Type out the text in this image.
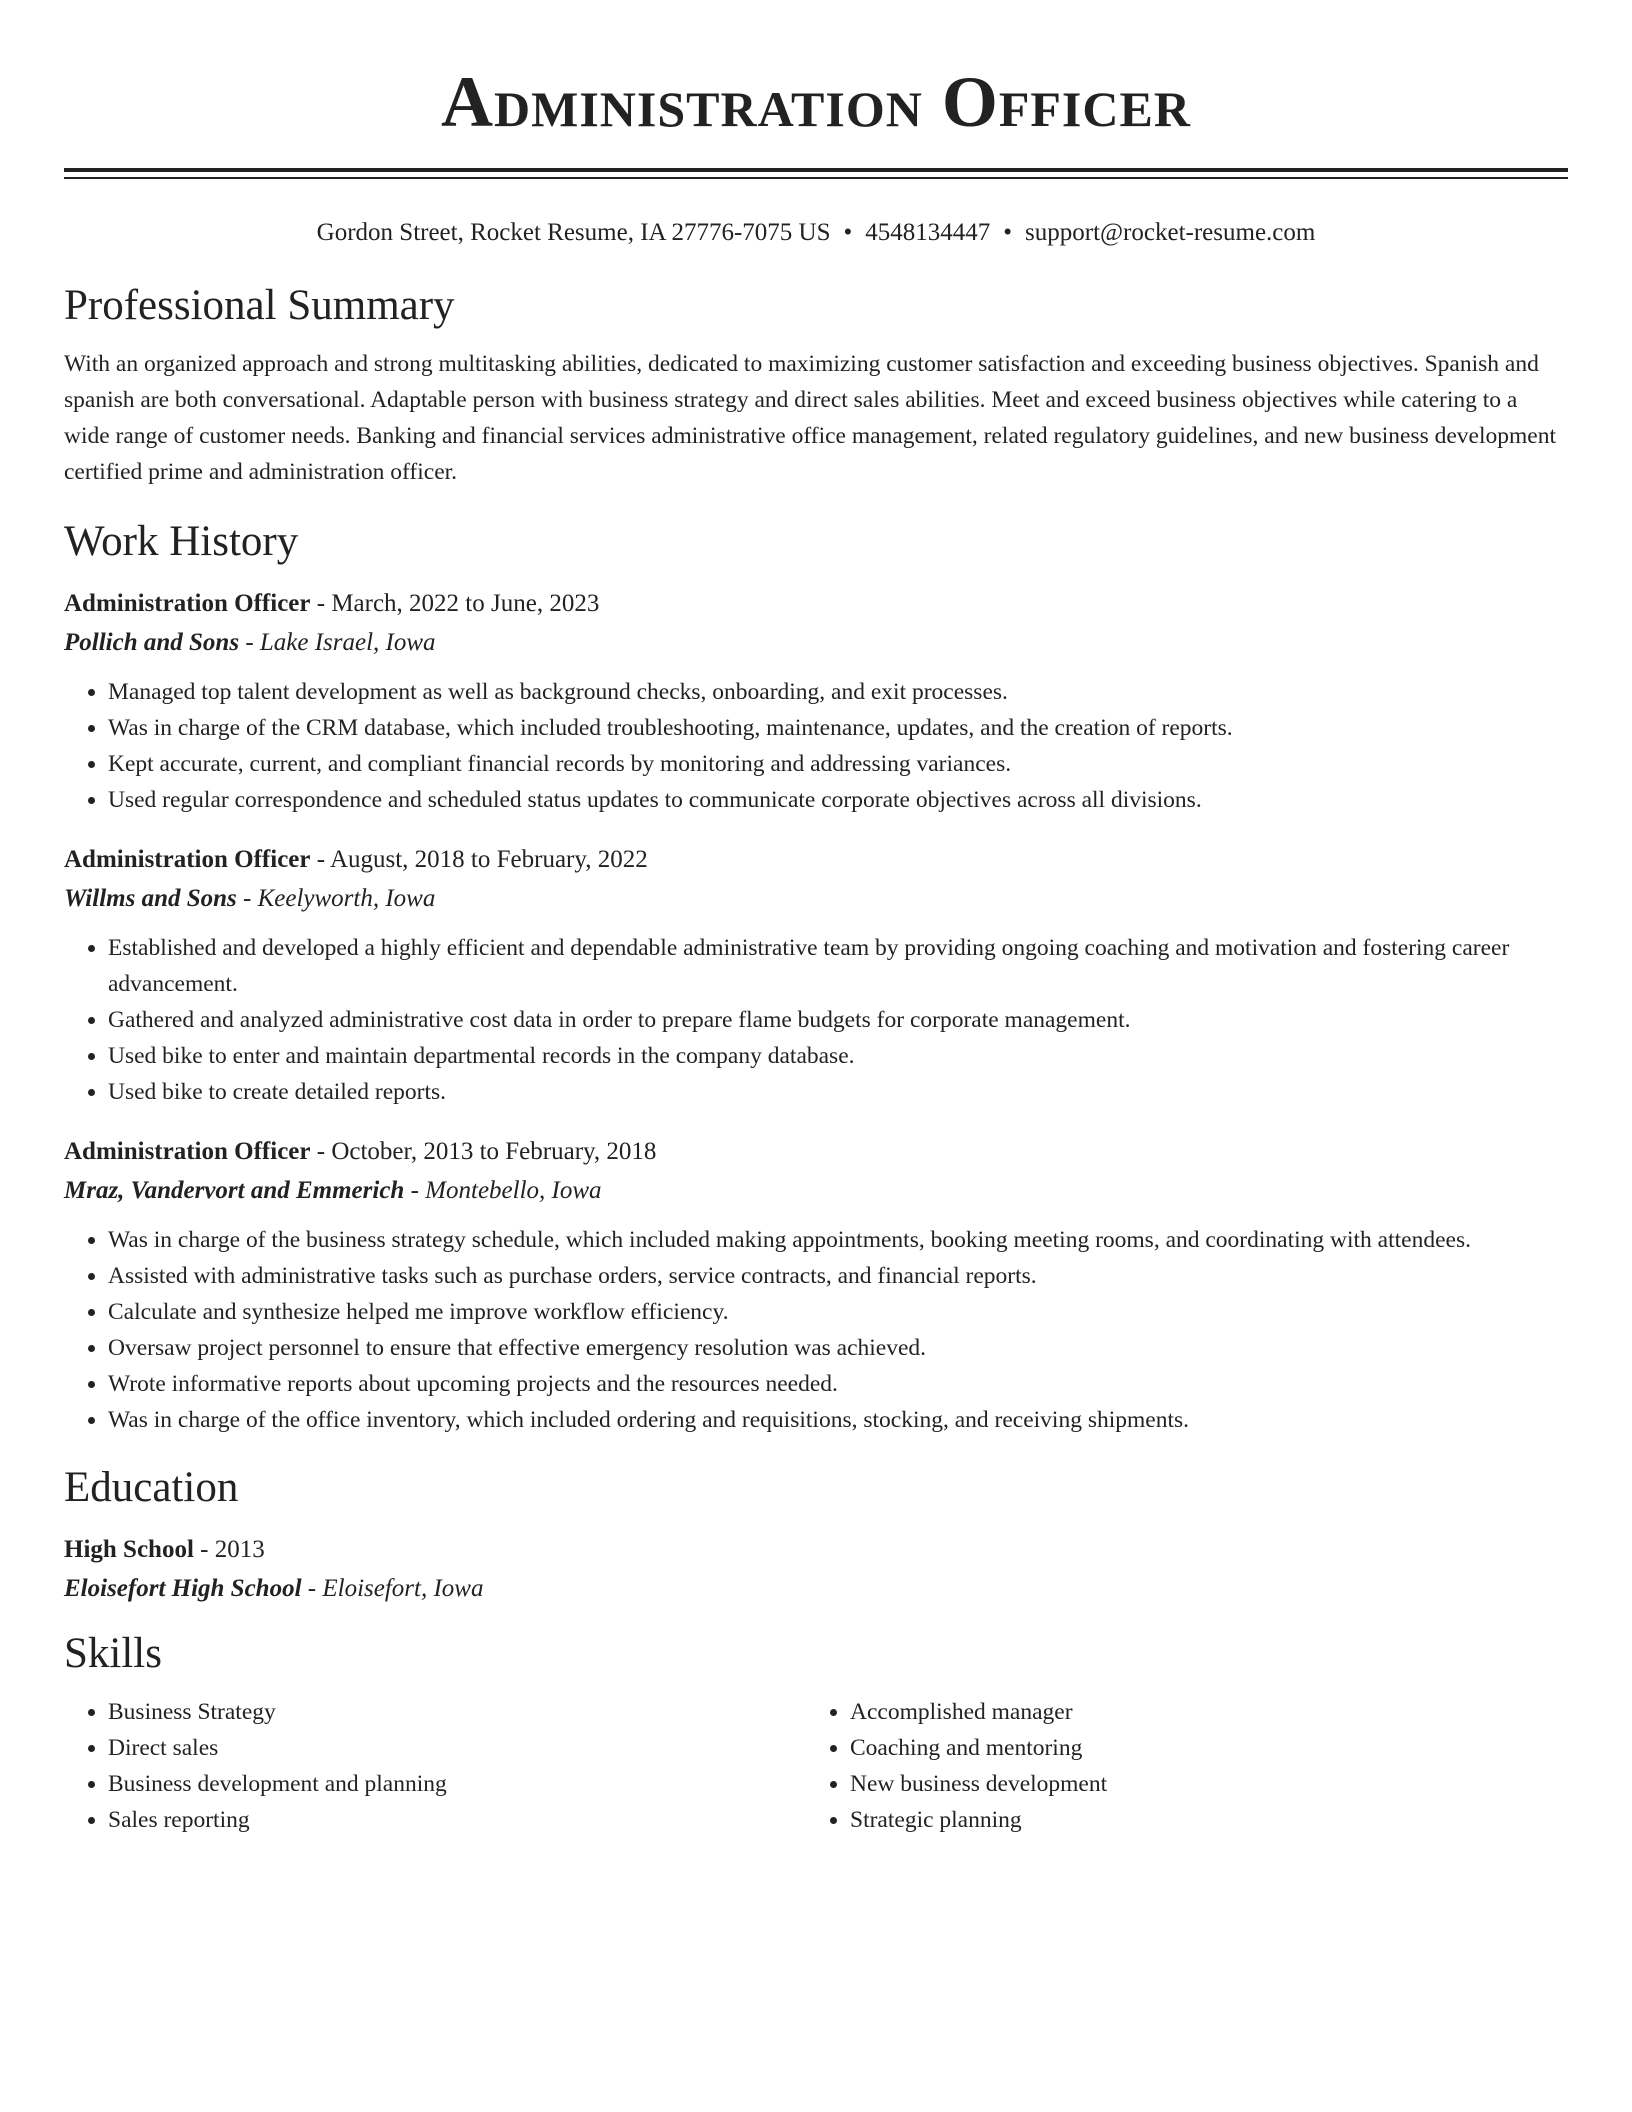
Administration Officer
Gordon Street, Rocket Resume, IA 27776-7075 US • 4548134447 • support@rocket-resume.com
Professional Summary
With an organized approach and strong multitasking abilities, dedicated to maximizing customer satisfaction and exceeding business objectives. Spanish and spanish are both conversational. Adaptable person with business strategy and direct sales abilities. Meet and exceed business objectives while catering to a wide range of customer needs. Banking and financial services administrative office management, related regulatory guidelines, and new business development certified prime and administration officer.
Work History
Administration Officer - March, 2022 to June, 2023
Pollich and Sons - Lake Israel, Iowa
• Managed top talent development as well as background checks, onboarding, and exit processes.
• Was in charge of the CRM database, which included troubleshooting, maintenance, updates, and the creation of reports.
• Kept accurate, current, and compliant financial records by monitoring and addressing variances.
• Used regular correspondence and scheduled status updates to communicate corporate objectives across all divisions.
Administration Officer - August, 2018 to February, 2022
Willms and Sons - Keelyworth, Iowa
• Established and developed a highly efficient and dependable administrative team by providing ongoing coaching and motivation and fostering career advancement.
• Gathered and analyzed administrative cost data in order to prepare flame budgets for corporate management.
• Used bike to enter and maintain departmental records in the company database.
• Used bike to create detailed reports.
Administration Officer - October, 2013 to February, 2018
Mraz, Vandervort and Emmerich - Montebello, Iowa
• Was in charge of the business strategy schedule, which included making appointments, booking meeting rooms, and coordinating with attendees.
• Assisted with administrative tasks such as purchase orders, service contracts, and financial reports.
• Calculate and synthesize helped me improve workflow efficiency.
• Oversaw project personnel to ensure that effective emergency resolution was achieved.
• Wrote informative reports about upcoming projects and the resources needed.
• Was in charge of the office inventory, which included ordering and requisitions, stocking, and receiving shipments.
Education
High School - 2013
Eloisefort High School - Eloisefort, Iowa
Skills
• Business Strategy
• Direct sales
• Business development and planning
• Sales reporting
• Accomplished manager
• Coaching and mentoring
• New business development
• Strategic planning
